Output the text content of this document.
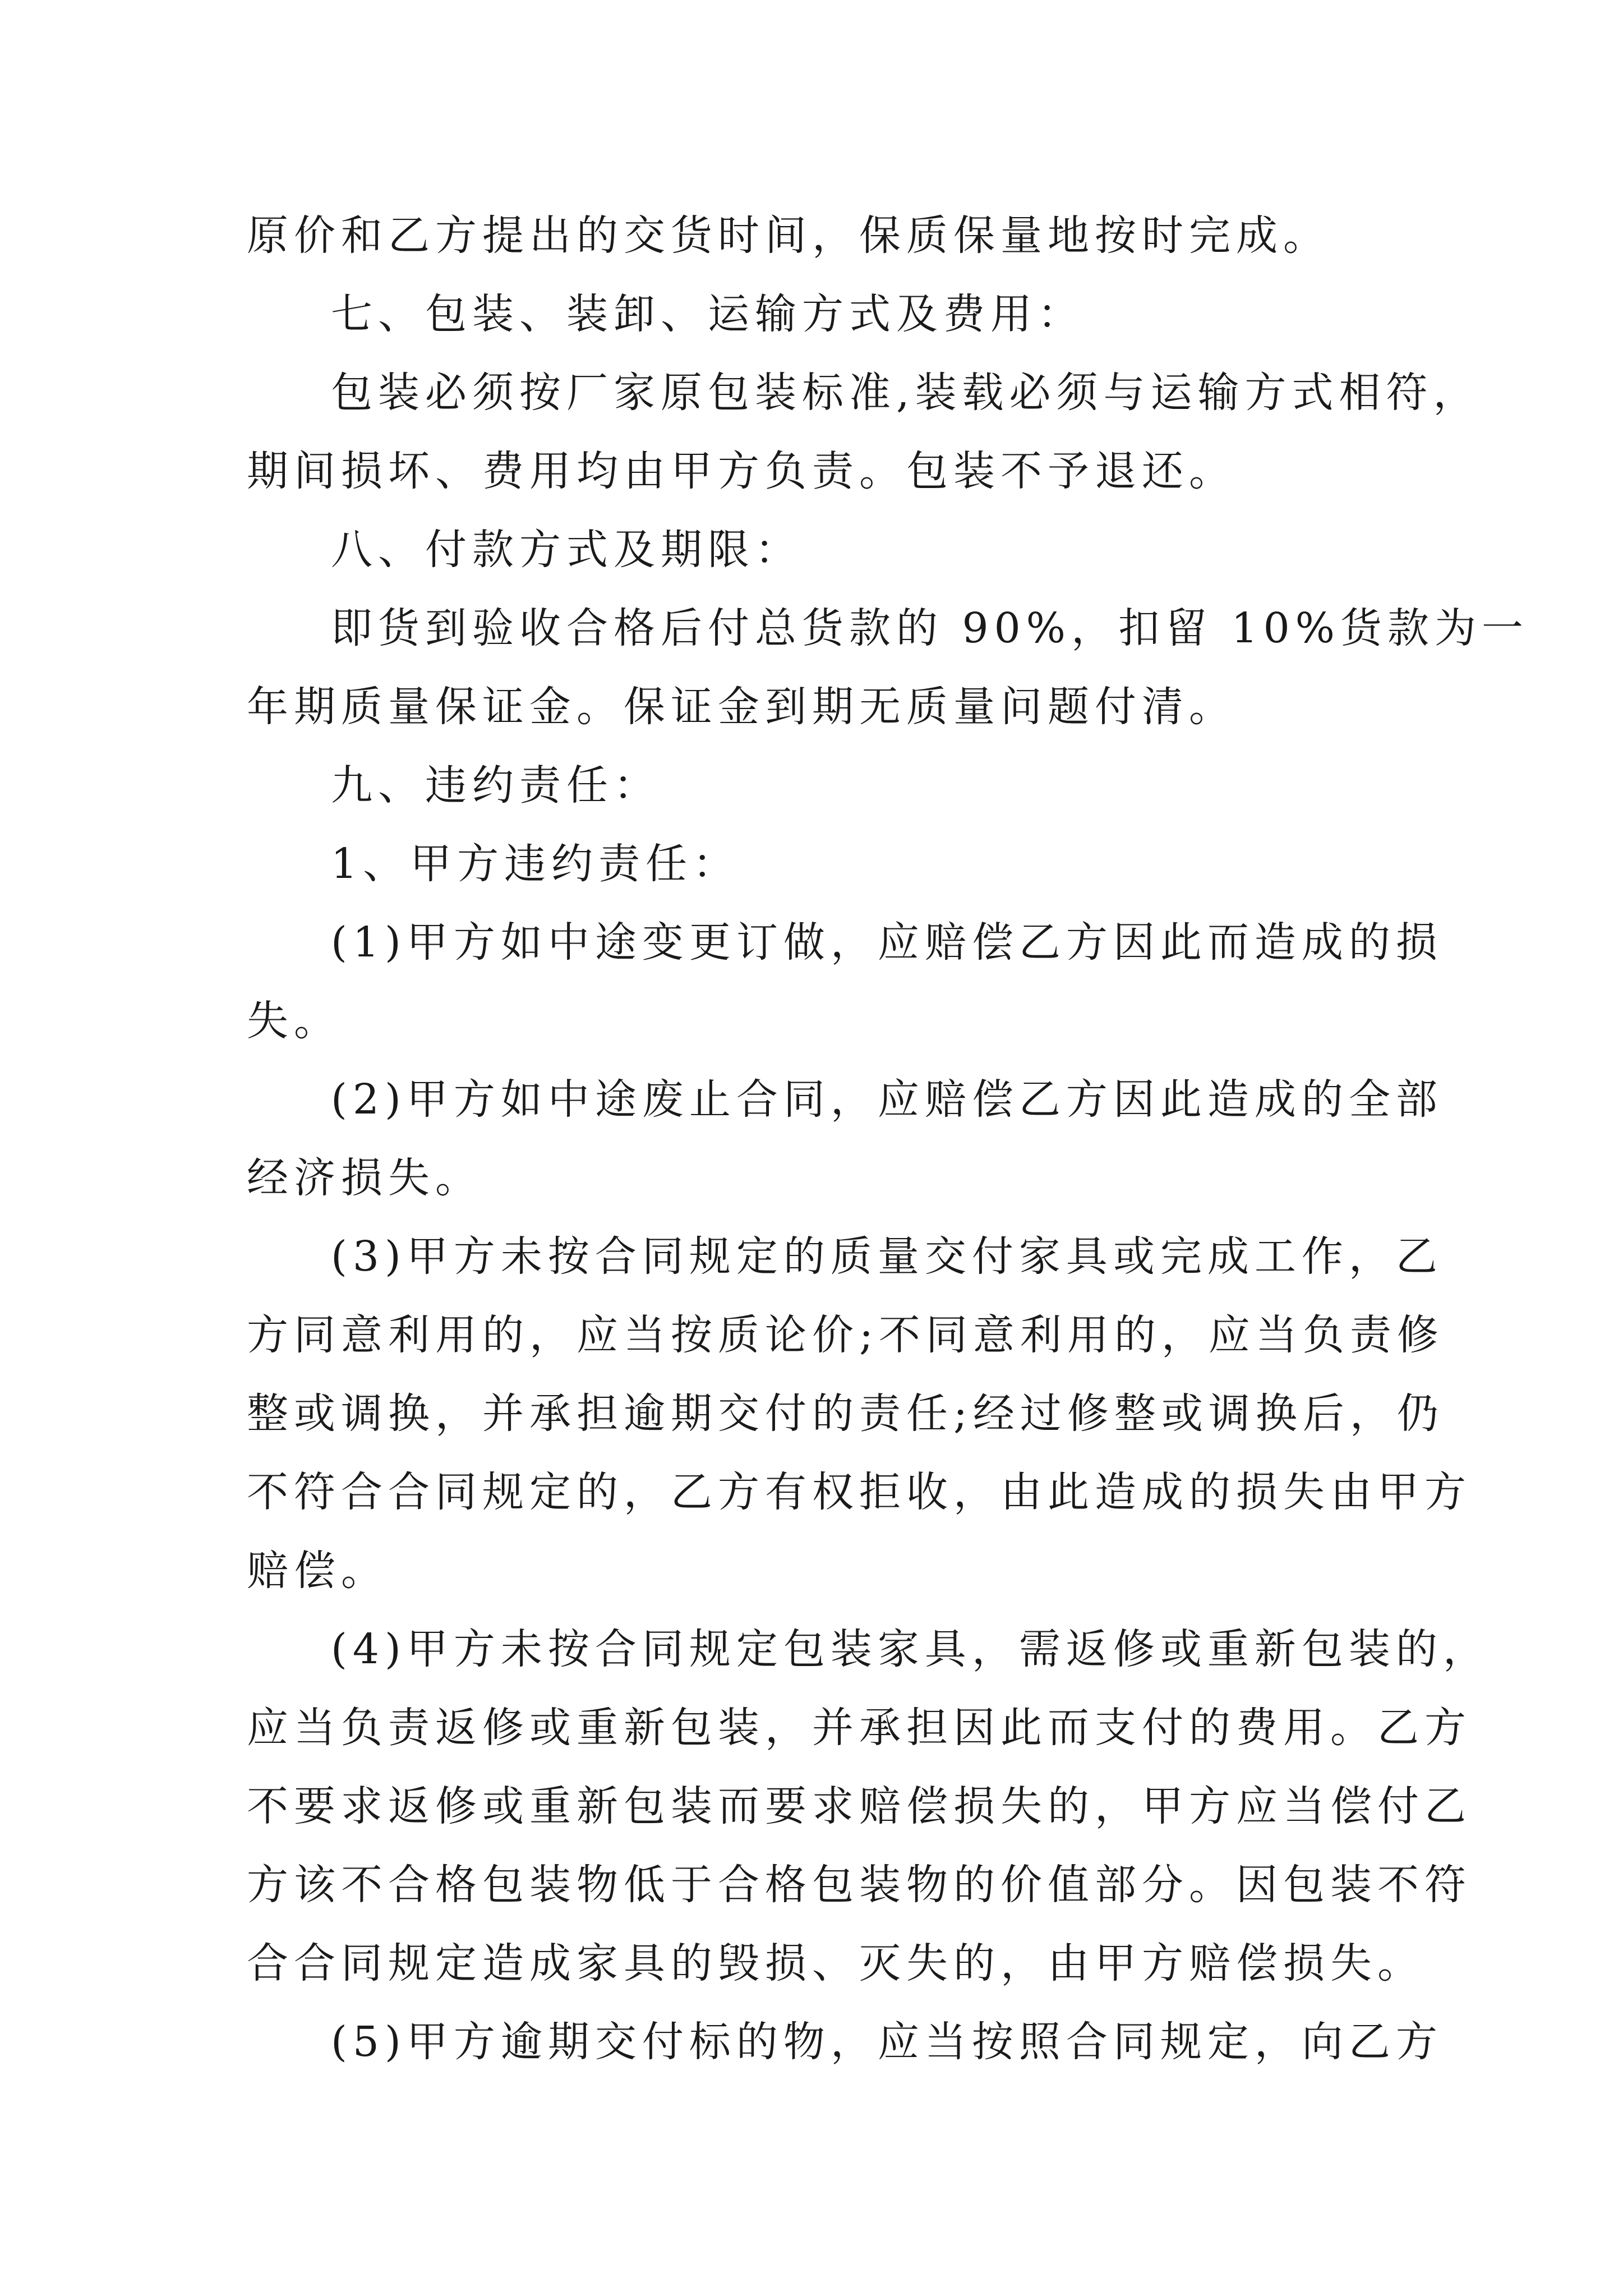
原价和乙方提出的交货时间，保质保量地按时完成。
七、包装、装卸、运输方式及费用：
包装必须按厂家原包装标准,装载必须与运输方式相符，
期间损坏、费用均由甲方负责。包装不予退还。
八、付款方式及期限：
即货到验收合格后付总货款的 90%，扣留 10%货款为一
年期质量保证金。保证金到期无质量问题付清。
九、违约责任：
1、甲方违约责任：
(1)甲方如中途变更订做，应赔偿乙方因此而造成的损
失。
(2)甲方如中途废止合同，应赔偿乙方因此造成的全部
经济损失。
(3)甲方未按合同规定的质量交付家具或完成工作，乙
方同意利用的，应当按质论价;不同意利用的，应当负责修
整或调换，并承担逾期交付的责任;经过修整或调换后，仍
不符合合同规定的，乙方有权拒收，由此造成的损失由甲方
赔偿。
(4)甲方未按合同规定包装家具，需返修或重新包装的，
应当负责返修或重新包装，并承担因此而支付的费用。乙方
不要求返修或重新包装而要求赔偿损失的，甲方应当偿付乙
方该不合格包装物低于合格包装物的价值部分。因包装不符
合合同规定造成家具的毁损、灭失的，由甲方赔偿损失。
(5)甲方逾期交付标的物，应当按照合同规定，向乙方
